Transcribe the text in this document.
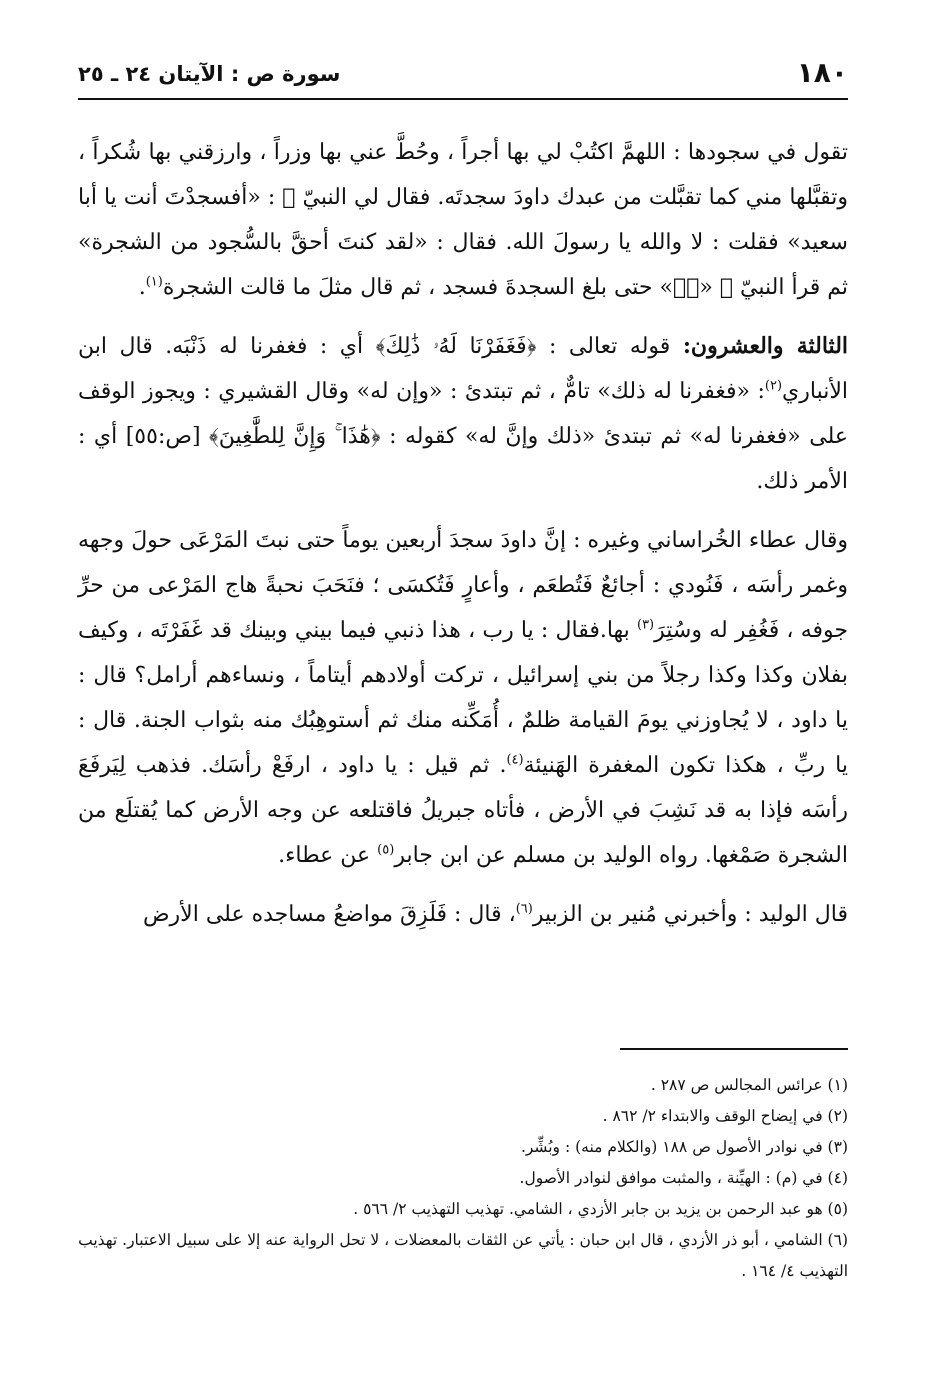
١٨٠
سورة ص : الآيتان ٢٤ ـ ٢٥

تقول في سجودها : اللهمَّ اكتُبْ لي بها أجراً ، وحُطَّ عني بها وزراً ، وارزقني بها شُكراً ، وتقبَّلها مني كما تقبَّلت من عبدك داودَ سجدتَه. فقال لي النبيّ ﷺ : «أفسجدْتَ أنت يا أبا سعيد» فقلت : لا والله يا رسولَ الله. فقال : «لقد كنتَ أحقَّ بالسُّجود من الشجرة» ثم قرأ النبيّ ﷺ «صۤ» حتى بلغ السجدةَ فسجد ، ثم قال مثلَ ما قالت الشجرة$^{(١)}$.

الثالثة والعشرون: قوله تعالى : ﴿فَغَفَرْنَا لَهُۥ ذَٰلِكَ﴾ أي : فغفرنا له ذَنْبَه. قال ابن الأنباري$^{(٢)}$: «فغفرنا له ذلك» تامٌّ ، ثم تبتدئ : «وإن له» وقال القشيري : ويجوز الوقف على «فغفرنا له» ثم تبتدئ «ذلك وإنَّ له» كقوله : ﴿هَٰذَا ۚ وَإِنَّ لِلطَّٰغِينَ﴾ [ص:٥٥] أي : الأمر ذلك.

وقال عطاء الخُراساني وغيره : إنَّ داودَ سجدَ أربعين يوماً حتى نبتَ المَرْعَى حولَ وجهه وغمر رأسَه ، فَنُودي : أجائعٌ فَتُطعَم ، وأعارٍ فَتُكسَى ؛ فنَحَبَ نحبةً هاج المَرْعى من حرِّ جوفه ، فَغُفِر له وسُتِرَ$^{(٣)}$ بها.فقال : يا رب ، هذا ذنبي فيما بيني وبينك قد غَفَرْتَه ، وكيف بفلان وكذا وكذا رجلاً من بني إسرائيل ، تركت أولادهم أيتاماً ، ونساءهم أرامل؟ قال : يا داود ، لا يُجاوزني يومَ القيامة ظلمٌ ، أُمَكِّنه منك ثم أستوهِبُك منه بثواب الجنة. قال : يا ربِّ ، هكذا تكون المغفرة الهَنيئة$^{(٤)}$. ثم قيل : يا داود ، ارفَعْ رأسَك. فذهب لِيَرفَعَ رأسَه فإذا به قد نَشِبَ في الأرض ، فأتاه جبريلُ فاقتلعه عن وجه الأرض كما يُقتلَع من الشجرة صَمْغها. رواه الوليد بن مسلم عن ابن جابر$^{(٥)}$ عن عطاء.

قال الوليد : وأخبرني مُنير بن الزبير$^{(٦)}$، قال : فَلَزِقَ مواضعُ مساجده على الأرض

(١) عرائس المجالس ص ٢٨٧ .

(٢) في إيضاح الوقف والابتداء ٢/ ٨٦٢ .

(٣) في نوادر الأصول ص ١٨٨ (والكلام منه) : وبُشِّر.

(٤) في (م) : الهيِّنة ، والمثبت موافق لنوادر الأصول.

(٥) هو عبد الرحمن بن يزيد بن جابر الأزدي ، الشامي. تهذيب التهذيب ٢/ ٥٦٦ .

(٦) الشامي ، أبو ذر الأزدي ، قال ابن حبان : يأتي عن الثقات بالمعضلات ، لا تحل الرواية عنه إلا على سبيل الاعتبار. تهذيب التهذيب ٤/ ١٦٤ .
